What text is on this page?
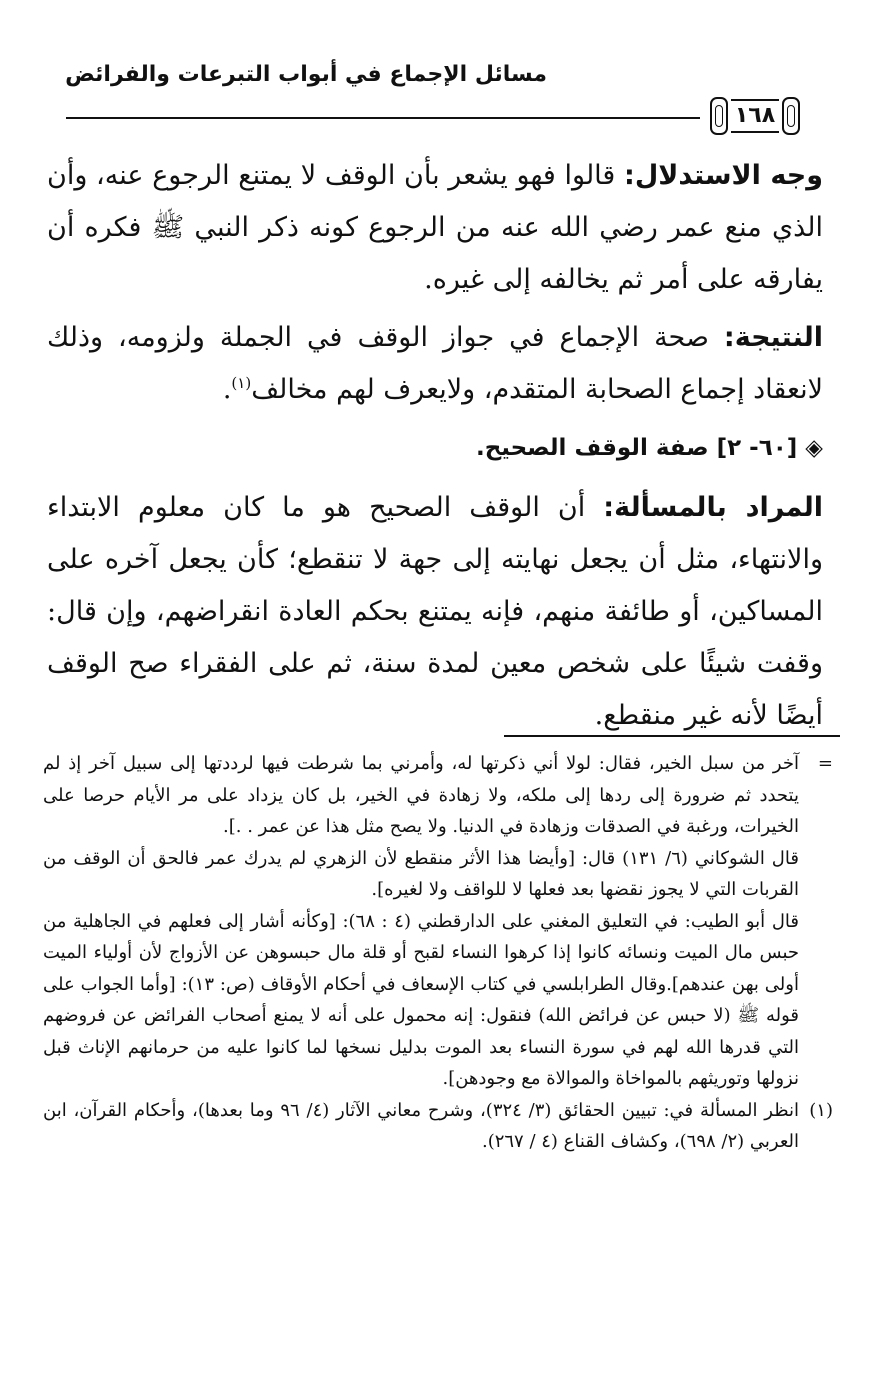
مسائل الإجماع في أبواب التبرعات والفرائض
١٦٨

وجه الاستدلال: قالوا فهو يشعر بأن الوقف لا يمتنع الرجوع عنه، وأن الذي منع عمر رضي الله عنه من الرجوع كونه ذكر النبي ﷺ فكره أن يفارقه على أمر ثم يخالفه إلى غيره.

النتيجة: صحة الإجماع في جواز الوقف في الجملة ولزومه، وذلك لانعقاد إجماع الصحابة المتقدم، ولايعرف لهم مخالف$^{(١)}$.

◈[٦٠- ٢] صفة الوقف الصحيح.

المراد بالمسألة: أن الوقف الصحيح هو ما كان معلوم الابتداء والانتهاء، مثل أن يجعل نهايته إلى جهة لا تنقطع؛ كأن يجعل آخره على المساكين، أو طائفة منهم، فإنه يمتنع بحكم العادة انقراضهم، وإن قال: وقفت شيئًا على شخص معين لمدة سنة، ثم على الفقراء صح الوقف أيضًا لأنه غير منقطع.

=

آخر من سبل الخير، فقال: لولا أني ذكرتها له، وأمرني بما شرطت فيها لرددتها إلى سبيل آخر إذ لم يتحدد ثم ضرورة إلى ردها إلى ملكه، ولا زهادة في الخير، بل كان يزداد على مر الأيام حرصا على الخيرات، ورغبة في الصدقات وزهادة في الدنيا. ولا يصح مثل هذا عن عمر . .].

قال الشوكاني (٦/ ١٣١) قال: [وأيضا هذا الأثر منقطع لأن الزهري لم يدرك عمر فالحق أن الوقف من القربات التي لا يجوز نقضها بعد فعلها لا للواقف ولا لغيره].

قال أبو الطيب: في التعليق المغني على الدارقطني (٤ : ٦٨): [وكأنه أشار إلى فعلهم في الجاهلية من حبس مال الميت ونسائه كانوا إذا كرهوا النساء لقبح أو قلة مال حبسوهن عن الأزواج لأن أولياء الميت أولى بهن عندهم].وقال الطرابلسي في كتاب الإسعاف في أحكام الأوقاف (ص: ١٣): [وأما الجواب على قوله ﷺ (لا حبس عن فرائض الله) فنقول: إنه محمول على أنه لا يمنع أصحاب الفرائض عن فروضهم التي قدرها الله لهم في سورة النساء بعد الموت بدليل نسخها لما كانوا عليه من حرمانهم الإناث قبل نزولها وتوريثهم بالمواخاة والموالاة مع وجودهن].

(١)

انظر المسألة في: تبيين الحقائق (٣/ ٣٢٤)، وشرح معاني الآثار (٤/ ٩٦ وما بعدها)، وأحكام القرآن، ابن العربي (٢/ ٦٩٨)، وكشاف القناع (٤ / ٢٦٧).
